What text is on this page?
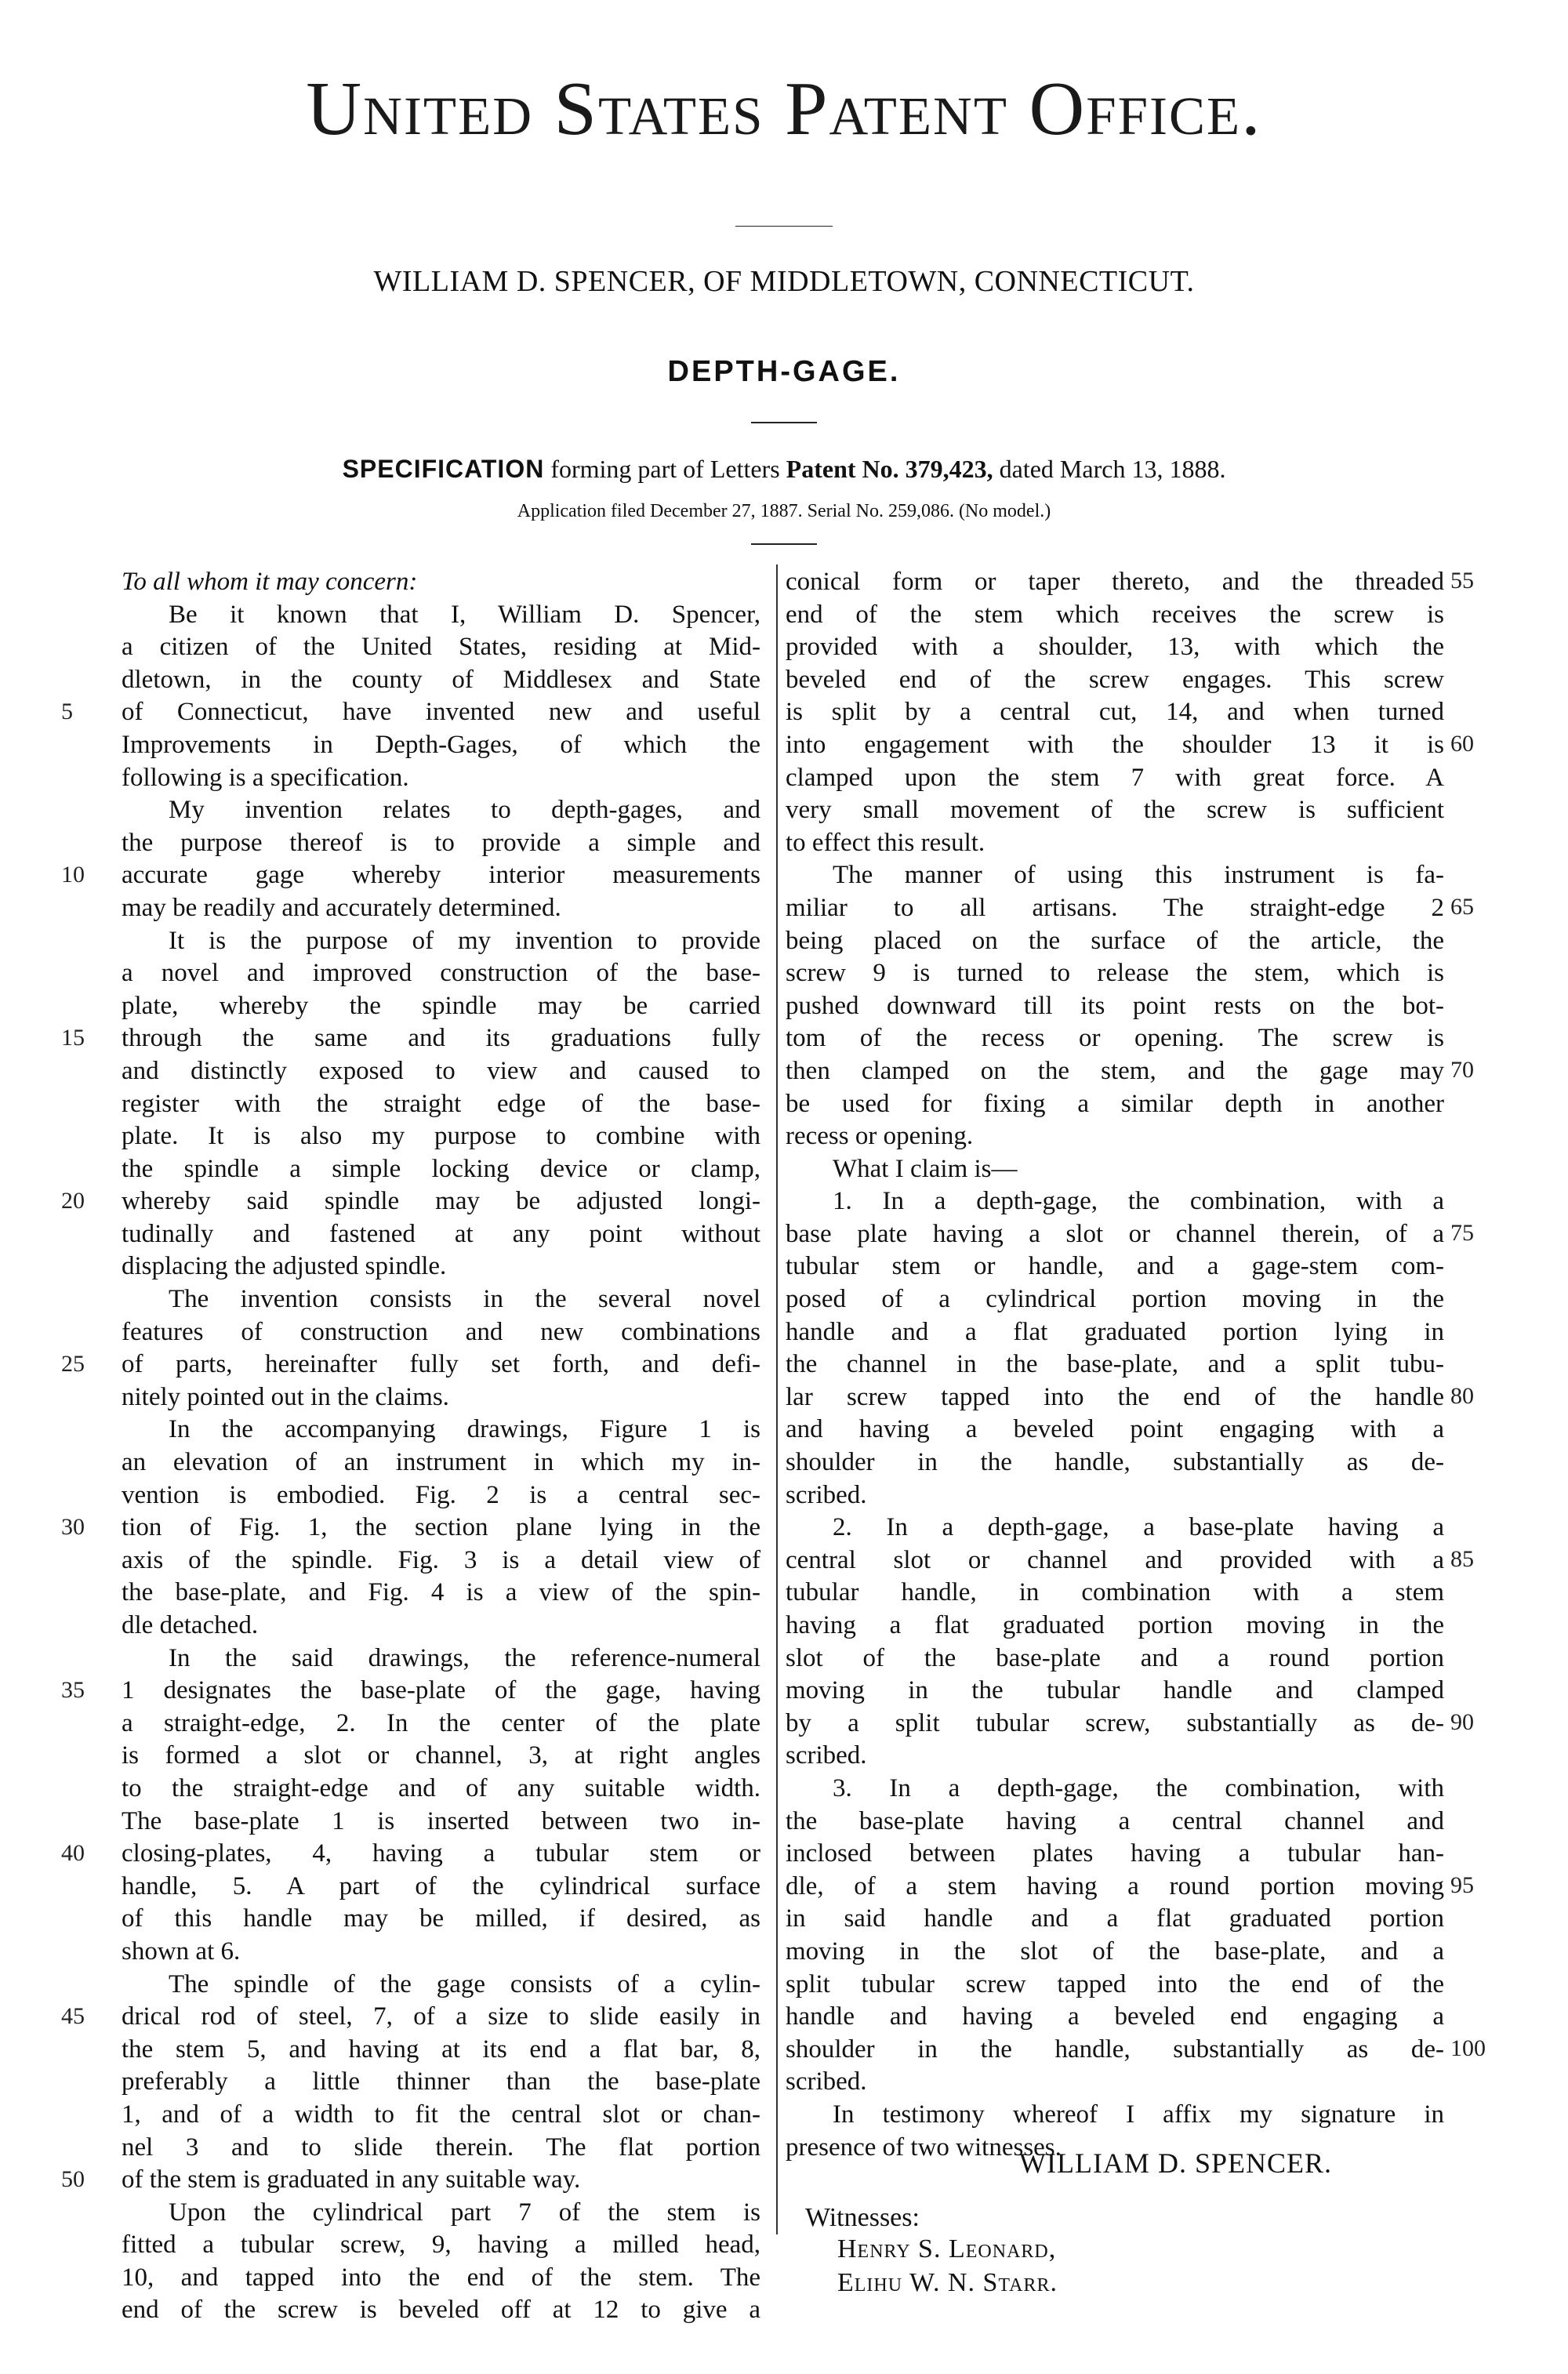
United States Patent Office.
WILLIAM D. SPENCER, OF MIDDLETOWN, CONNECTICUT.
DEPTH-GAGE.
SPECIFICATION forming part of Letters Patent No. 379,423, dated March 13, 1888.
Application filed December 27, 1887. Serial No. 259,086. (No model.)
To all whom it may concern:
Be it known that I, William D. Spencer,
a citizen of the United States, residing at Mid-
dletown, in the county of Middlesex and State
of Connecticut, have invented new and useful
Improvements in Depth-Gages, of which the
following is a specification.
My invention relates to depth-gages, and
the purpose thereof is to provide a simple and
accurate gage whereby interior measurements
may be readily and accurately determined.
It is the purpose of my invention to provide
a novel and improved construction of the base-
plate, whereby the spindle may be carried
through the same and its graduations fully
and distinctly exposed to view and caused to
register with the straight edge of the base-
plate. It is also my purpose to combine with
the spindle a simple locking device or clamp,
whereby said spindle may be adjusted longi-
tudinally and fastened at any point without
displacing the adjusted spindle.
The invention consists in the several novel
features of construction and new combinations
of parts, hereinafter fully set forth, and defi-
nitely pointed out in the claims.
In the accompanying drawings, Figure 1 is
an elevation of an instrument in which my in-
vention is embodied. Fig. 2 is a central sec-
tion of Fig. 1, the section plane lying in the
axis of the spindle. Fig. 3 is a detail view of
the base-plate, and Fig. 4 is a view of the spin-
dle detached.
In the said drawings, the reference-numeral
1 designates the base-plate of the gage, having
a straight-edge, 2. In the center of the plate
is formed a slot or channel, 3, at right angles
to the straight-edge and of any suitable width.
The base-plate 1 is inserted between two in-
closing-plates, 4, having a tubular stem or
handle, 5. A part of the cylindrical surface
of this handle may be milled, if desired, as
shown at 6.
The spindle of the gage consists of a cylin-
drical rod of steel, 7, of a size to slide easily in
the stem 5, and having at its end a flat bar, 8,
preferably a little thinner than the base-plate
1, and of a width to fit the central slot or chan-
nel 3 and to slide therein. The flat portion
of the stem is graduated in any suitable way.
Upon the cylindrical part 7 of the stem is
fitted a tubular screw, 9, having a milled head,
10, and tapped into the end of the stem. The
end of the screw is beveled off at 12 to give a
5
10
15
20
25
30
35
40
45
50
conical form or taper thereto, and the threaded
end of the stem which receives the screw is
provided with a shoulder, 13, with which the
beveled end of the screw engages. This screw
is split by a central cut, 14, and when turned
into engagement with the shoulder 13 it is
clamped upon the stem 7 with great force. A
very small movement of the screw is sufficient
to effect this result.
The manner of using this instrument is fa-
miliar to all artisans. The straight-edge 2
being placed on the surface of the article, the
screw 9 is turned to release the stem, which is
pushed downward till its point rests on the bot-
tom of the recess or opening. The screw is
then clamped on the stem, and the gage may
be used for fixing a similar depth in another
recess or opening.
What I claim is—
1. In a depth-gage, the combination, with a
base plate having a slot or channel therein, of a
tubular stem or handle, and a gage-stem com-
posed of a cylindrical portion moving in the
handle and a flat graduated portion lying in
the channel in the base-plate, and a split tubu-
lar screw tapped into the end of the handle
and having a beveled point engaging with a
shoulder in the handle, substantially as de-
scribed.
2. In a depth-gage, a base-plate having a
central slot or channel and provided with a
tubular handle, in combination with a stem
having a flat graduated portion moving in the
slot of the base-plate and a round portion
moving in the tubular handle and clamped
by a split tubular screw, substantially as de-
scribed.
3. In a depth-gage, the combination, with
the base-plate having a central channel and
inclosed between plates having a tubular han-
dle, of a stem having a round portion moving
in said handle and a flat graduated portion
moving in the slot of the base-plate, and a
split tubular screw tapped into the end of the
handle and having a beveled end engaging a
shoulder in the handle, substantially as de-
scribed.
In testimony whereof I affix my signature in
presence of two witnesses.
55
60
65
70
75
80
85
90
95
100
WILLIAM D. SPENCER.
Witnesses:
Henry S. Leonard,
Elihu W. N. Starr.
